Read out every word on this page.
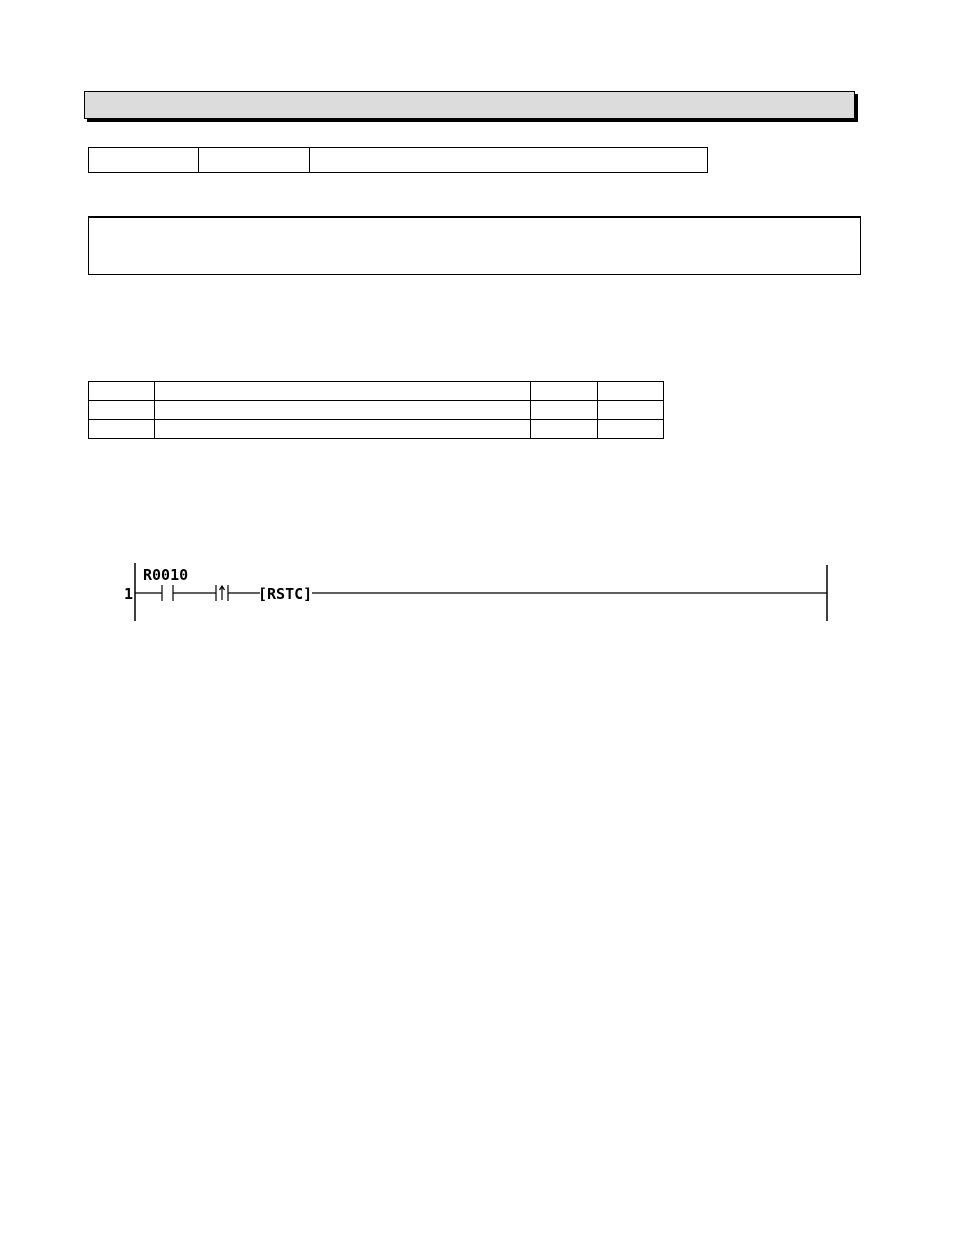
1
R0010
[RSTC]
